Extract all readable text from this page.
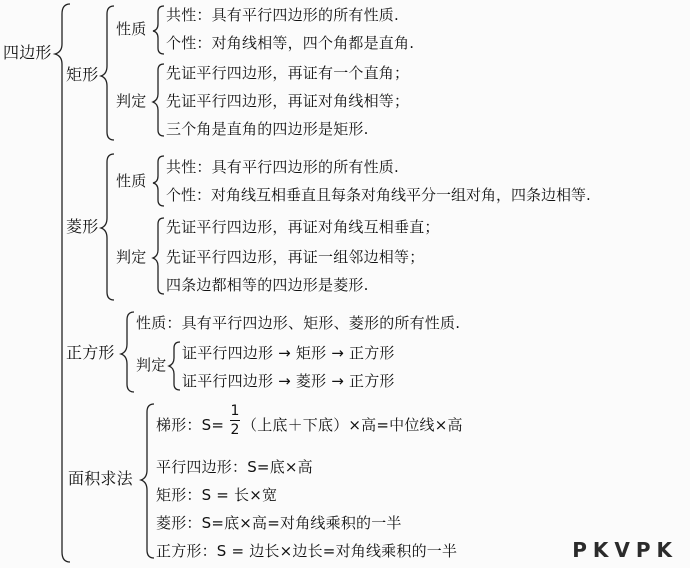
四边形
矩形
性质
共性：具有平行四边形的所有性质.
个性：对角线相等，四个角都是直角.
判定
先证平行四边形，再证有一个直角；
先证平行四边形，再证对角线相等；
三个角是直角的四边形是矩形.
菱形
性质
共性：具有平行四边形的所有性质.
个性：对角线互相垂直且每条对角线平分一组对角，四条边相等.
判定
先证平行四边形，再证对角线互相垂直；
先证平行四边形，再证一组邻边相等；
四条边都相等的四边形是菱形.
正方形
性质：具有平行四边形、矩形、菱形的所有性质.
判定
证平行四边形 → 矩形 → 正方形
证平行四边形 → 菱形 → 正方形
面积求法
梯形：S=
1
2 （上底＋下底）×高=中位线×高
平行四边形：S=底×高
矩形：S = 长×宽
菱形：S=底×高=对角线乘积的一半
正方形：S = 边长×边长=对角线乘积的一半	PKVPK
